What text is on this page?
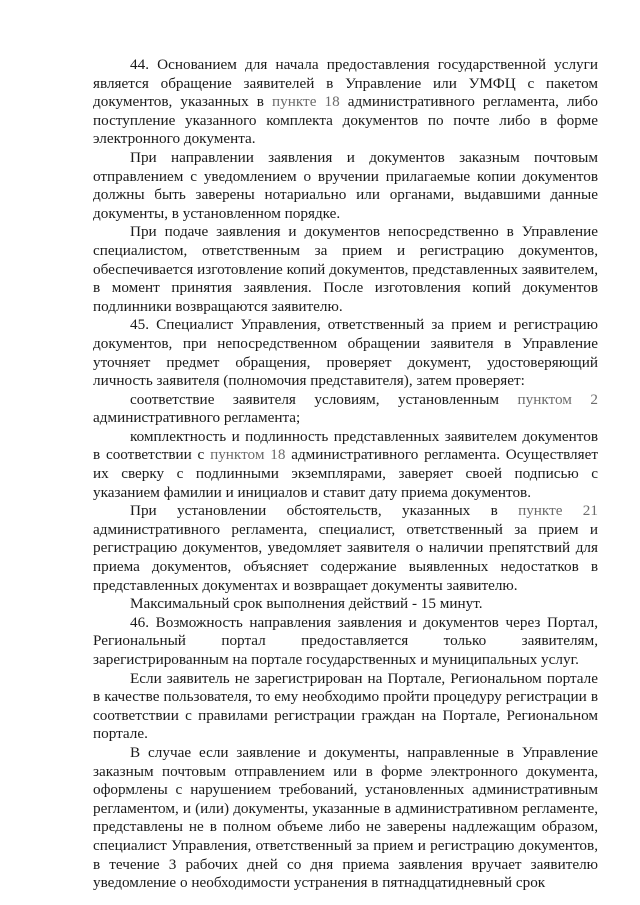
44. Основанием для начала предоставления государственной услуги является обращение заявителей в Управление или УМФЦ с пакетом документов, указанных в пункте 18 административного регламента, либо поступление указанного комплекта документов по почте либо в форме электронного документа.

При направлении заявления и документов заказным почтовым отправлением с уведомлением о вручении прилагаемые копии документов должны быть заверены нотариально или органами, выдавшими данные документы, в установленном порядке.

При подаче заявления и документов непосредственно в Управление специалистом, ответственным за прием и регистрацию документов, обеспечивается изготовление копий документов, представленных заявителем, в момент принятия заявления. После изготовления копий документов подлинники возвращаются заявителю.

45. Специалист Управления, ответственный за прием и регистрацию документов, при непосредственном обращении заявителя в Управление уточняет предмет обращения, проверяет документ, удостоверяющий личность заявителя (полномочия представителя), затем проверяет:

соответствие заявителя условиям, установленным пунктом 2 административного регламента;

комплектность и подлинность представленных заявителем документов в соответствии с пунктом 18 административного регламента. Осуществляет их сверку с подлинными экземплярами, заверяет своей подписью с указанием фамилии и инициалов и ставит дату приема документов.

При установлении обстоятельств, указанных в пункте 21 административного регламента, специалист, ответственный за прием и регистрацию документов, уведомляет заявителя о наличии препятствий для приема документов, объясняет содержание выявленных недостатков в представленных документах и возвращает документы заявителю.

Максимальный срок выполнения действий - 15 минут.

46. Возможность направления заявления и документов через Портал, Региональный портал предоставляется только заявителям, зарегистрированным на портале государственных и муниципальных услуг.

Если заявитель не зарегистрирован на Портале, Региональном портале в качестве пользователя, то ему необходимо пройти процедуру регистрации в соответствии с правилами регистрации граждан на Портале, Региональном портале.

В случае если заявление и документы, направленные в Управление заказным почтовым отправлением или в форме электронного документа, оформлены с нарушением требований, установленных административным регламентом, и (или) документы, указанные в административном регламенте, представлены не в полном объеме либо не заверены надлежащим образом, специалист Управления, ответственный за прием и регистрацию документов, в течение 3 рабочих дней со дня приема заявления вручает заявителю уведомление о необходимости устранения в пятнадцатидневный срок
